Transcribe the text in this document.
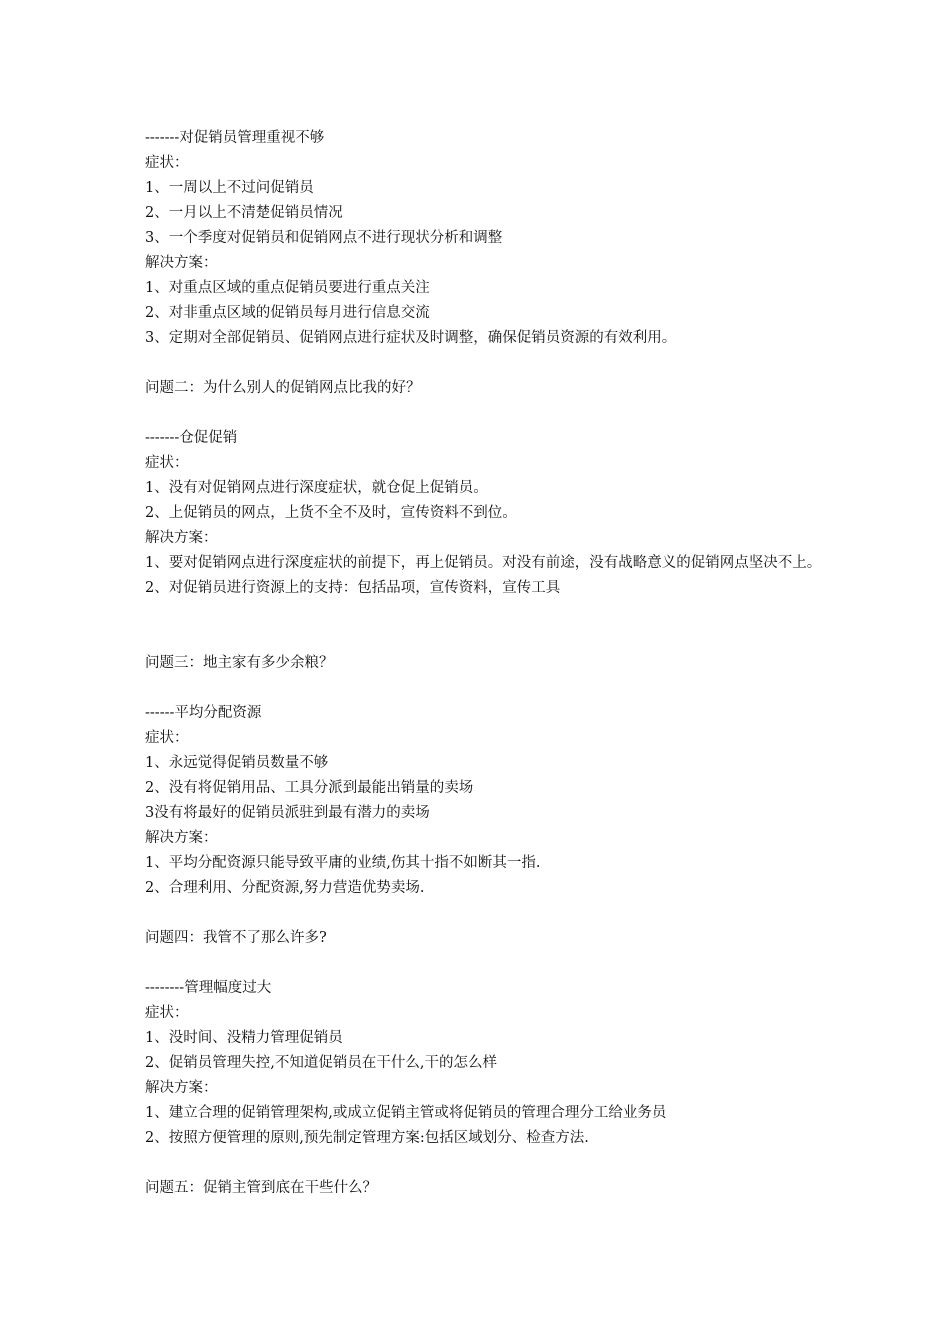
-------对促销员管理重视不够
症状：
1、一周以上不过问促销员
2、一月以上不清楚促销员情况
3、一个季度对促销员和促销网点不进行现状分析和调整
解决方案：
1、对重点区域的重点促销员要进行重点关注
2、对非重点区域的促销员每月进行信息交流
3、定期对全部促销员、促销网点进行症状及时调整，确保促销员资源的有效利用。
问题二：为什么别人的促销网点比我的好？
-------仓促促销
症状：
1、没有对促销网点进行深度症状，就仓促上促销员。
2、上促销员的网点，上货不全不及时，宣传资料不到位。
解决方案：
1、要对促销网点进行深度症状的前提下，再上促销员。对没有前途，没有战略意义的促销网点坚决不上。
2、对促销员进行资源上的支持：包括品项，宣传资料，宣传工具
问题三：地主家有多少余粮？
------平均分配资源
症状：
1、永远觉得促销员数量不够
2、没有将促销用品、工具分派到最能出销量的卖场
3没有将最好的促销员派驻到最有潜力的卖场
解决方案：
1、平均分配资源只能导致平庸的业绩,伤其十指不如断其一指.
2、合理利用、分配资源,努力营造优势卖场.
问题四：我管不了那么许多?
--------管理幅度过大
症状：
1、没时间、没精力管理促销员
2、促销员管理失控,不知道促销员在干什么,干的怎么样
解决方案：
1、建立合理的促销管理架构,或成立促销主管或将促销员的管理合理分工给业务员
2、按照方便管理的原则,预先制定管理方案:包括区域划分、检查方法.
问题五：促销主管到底在干些什么？
